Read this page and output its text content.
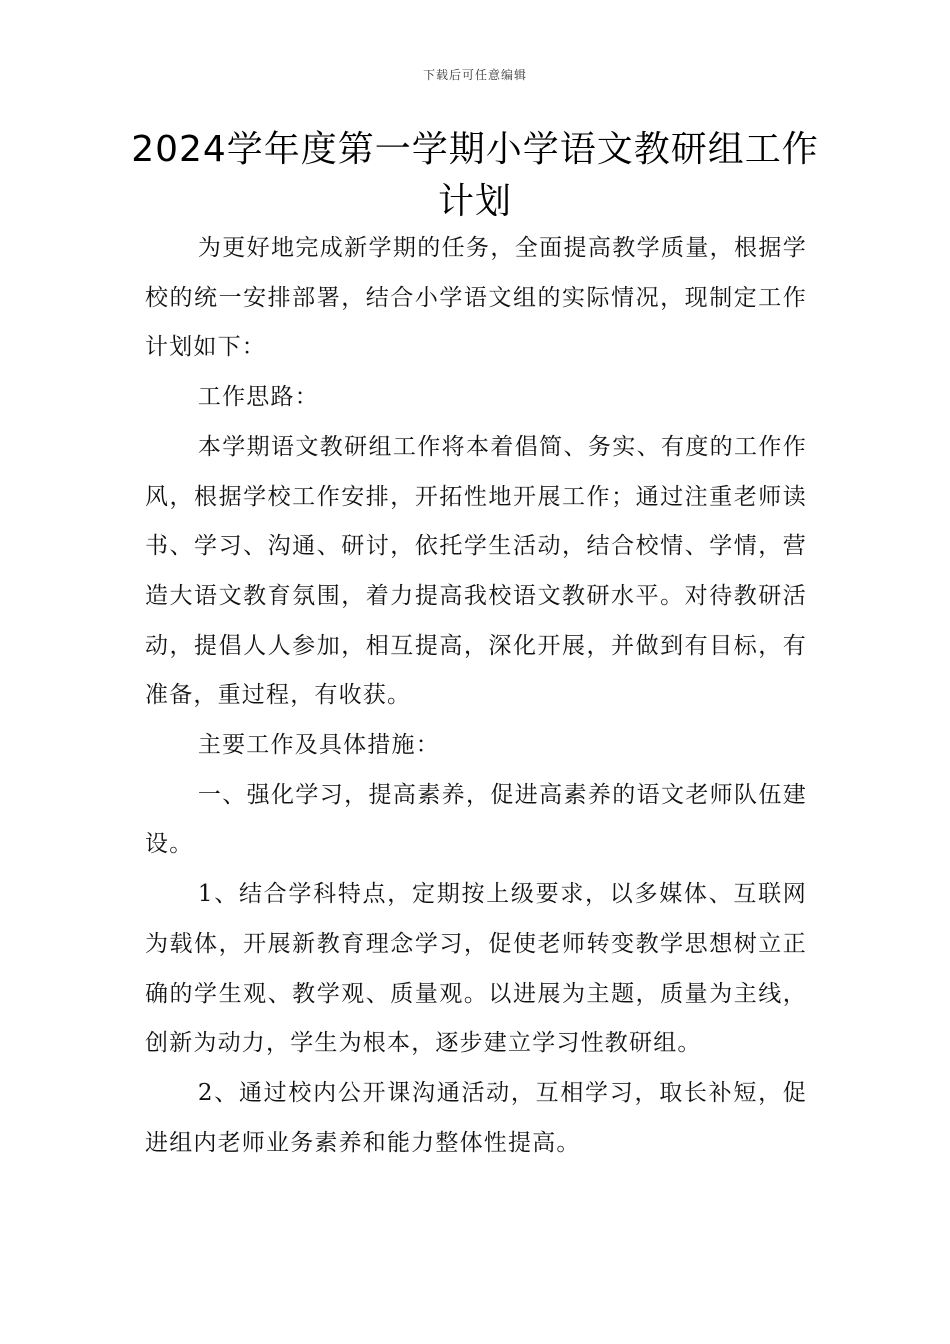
下载后可任意编辑
2024学年度第一学期小学语文教研组工作计划

为更好地完成新学期的任务，全面提高教学质量，根据学校的统一安排部署，结合小学语文组的实际情况，现制定工作计划如下：

工作思路：

本学期语文教研组工作将本着倡简、务实、有度的工作作风，根据学校工作安排，开拓性地开展工作；通过注重老师读书、学习、沟通、研讨，依托学生活动，结合校情、学情，营造大语文教育氛围，着力提高我校语文教研水平。对待教研活动，提倡人人参加，相互提高，深化开展，并做到有目标，有准备，重过程，有收获。

主要工作及具体措施：

一、强化学习，提高素养，促进高素养的语文老师队伍建设。

1、结合学科特点，定期按上级要求，以多媒体、互联网为载体，开展新教育理念学习，促使老师转变教学思想树立正确的学生观、教学观、质量观。以进展为主题，质量为主线，创新为动力，学生为根本，逐步建立学习性教研组。

2、通过校内公开课沟通活动，互相学习，取长补短，促进组内老师业务素养和能力整体性提高。
